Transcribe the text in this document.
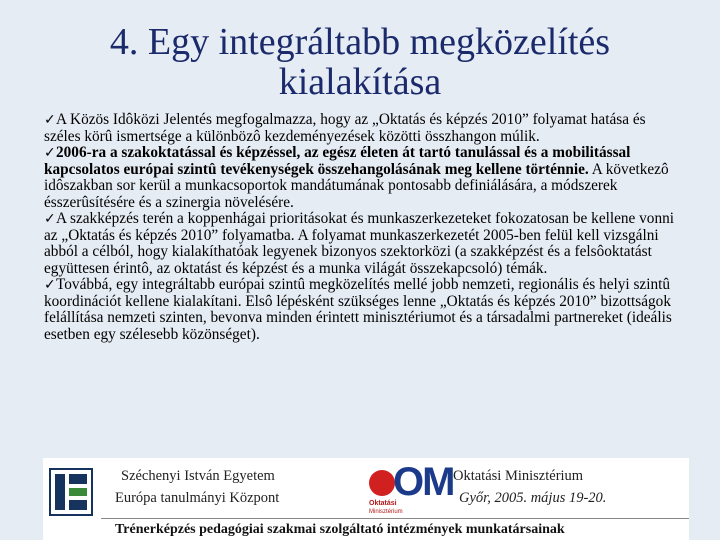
4. Egy integráltabb megközelítés
kialakítása

✓A Közös Idôközi Jelentés megfogalmazza, hogy az „Oktatás és képzés 2010” folyamat hatása és széles körû ismertsége a különbözô kezdeményezések közötti összhangon múlik.

✓2006-ra a szakoktatással és képzéssel, az egész életen át tartó tanulással és a mobilitással kapcsolatos európai szintû tevékenységek összehangolásának meg kellene történnie. A következô idôszakban sor kerül a munkacsoportok mandátumának pontosabb definiálására, a módszerek ésszerûsítésére és a szinergia növelésére.

✓A szakképzés terén a koppenhágai prioritásokat és munkaszerkezeteket fokozatosan be kellene vonni az „Oktatás és képzés 2010” folyamatba. A folyamat munkaszerkezetét 2005-ben felül kell vizsgálni abból a célból, hogy kialakíthatóak legyenek bizonyos szektorközi (a szakképzést és a felsôoktatást együttesen érintô, az oktatást és képzést és a munka világát összekapcsoló) témák.

✓Továbbá, egy integráltabb európai szintû megközelítés mellé jobb nemzeti, regionális és helyi szintû koordinációt kellene kialakítani. Elsô lépésként szükséges lenne „Oktatás és képzés 2010” bizottságok felállítása nemzeti szinten, bevonva minden érintett minisztériumot és a társadalmi partnereket (ideális esetben egy szélesebb közönséget).

Széchenyi István Egyetem
Európa tanulmányi Központ	OM
Oktatási
Minisztérium
Oktatási Minisztérium
Győr, 2005. május 19-20.
Trénerképzés pedagógiai szakmai szolgáltató intézmények munkatársainak
